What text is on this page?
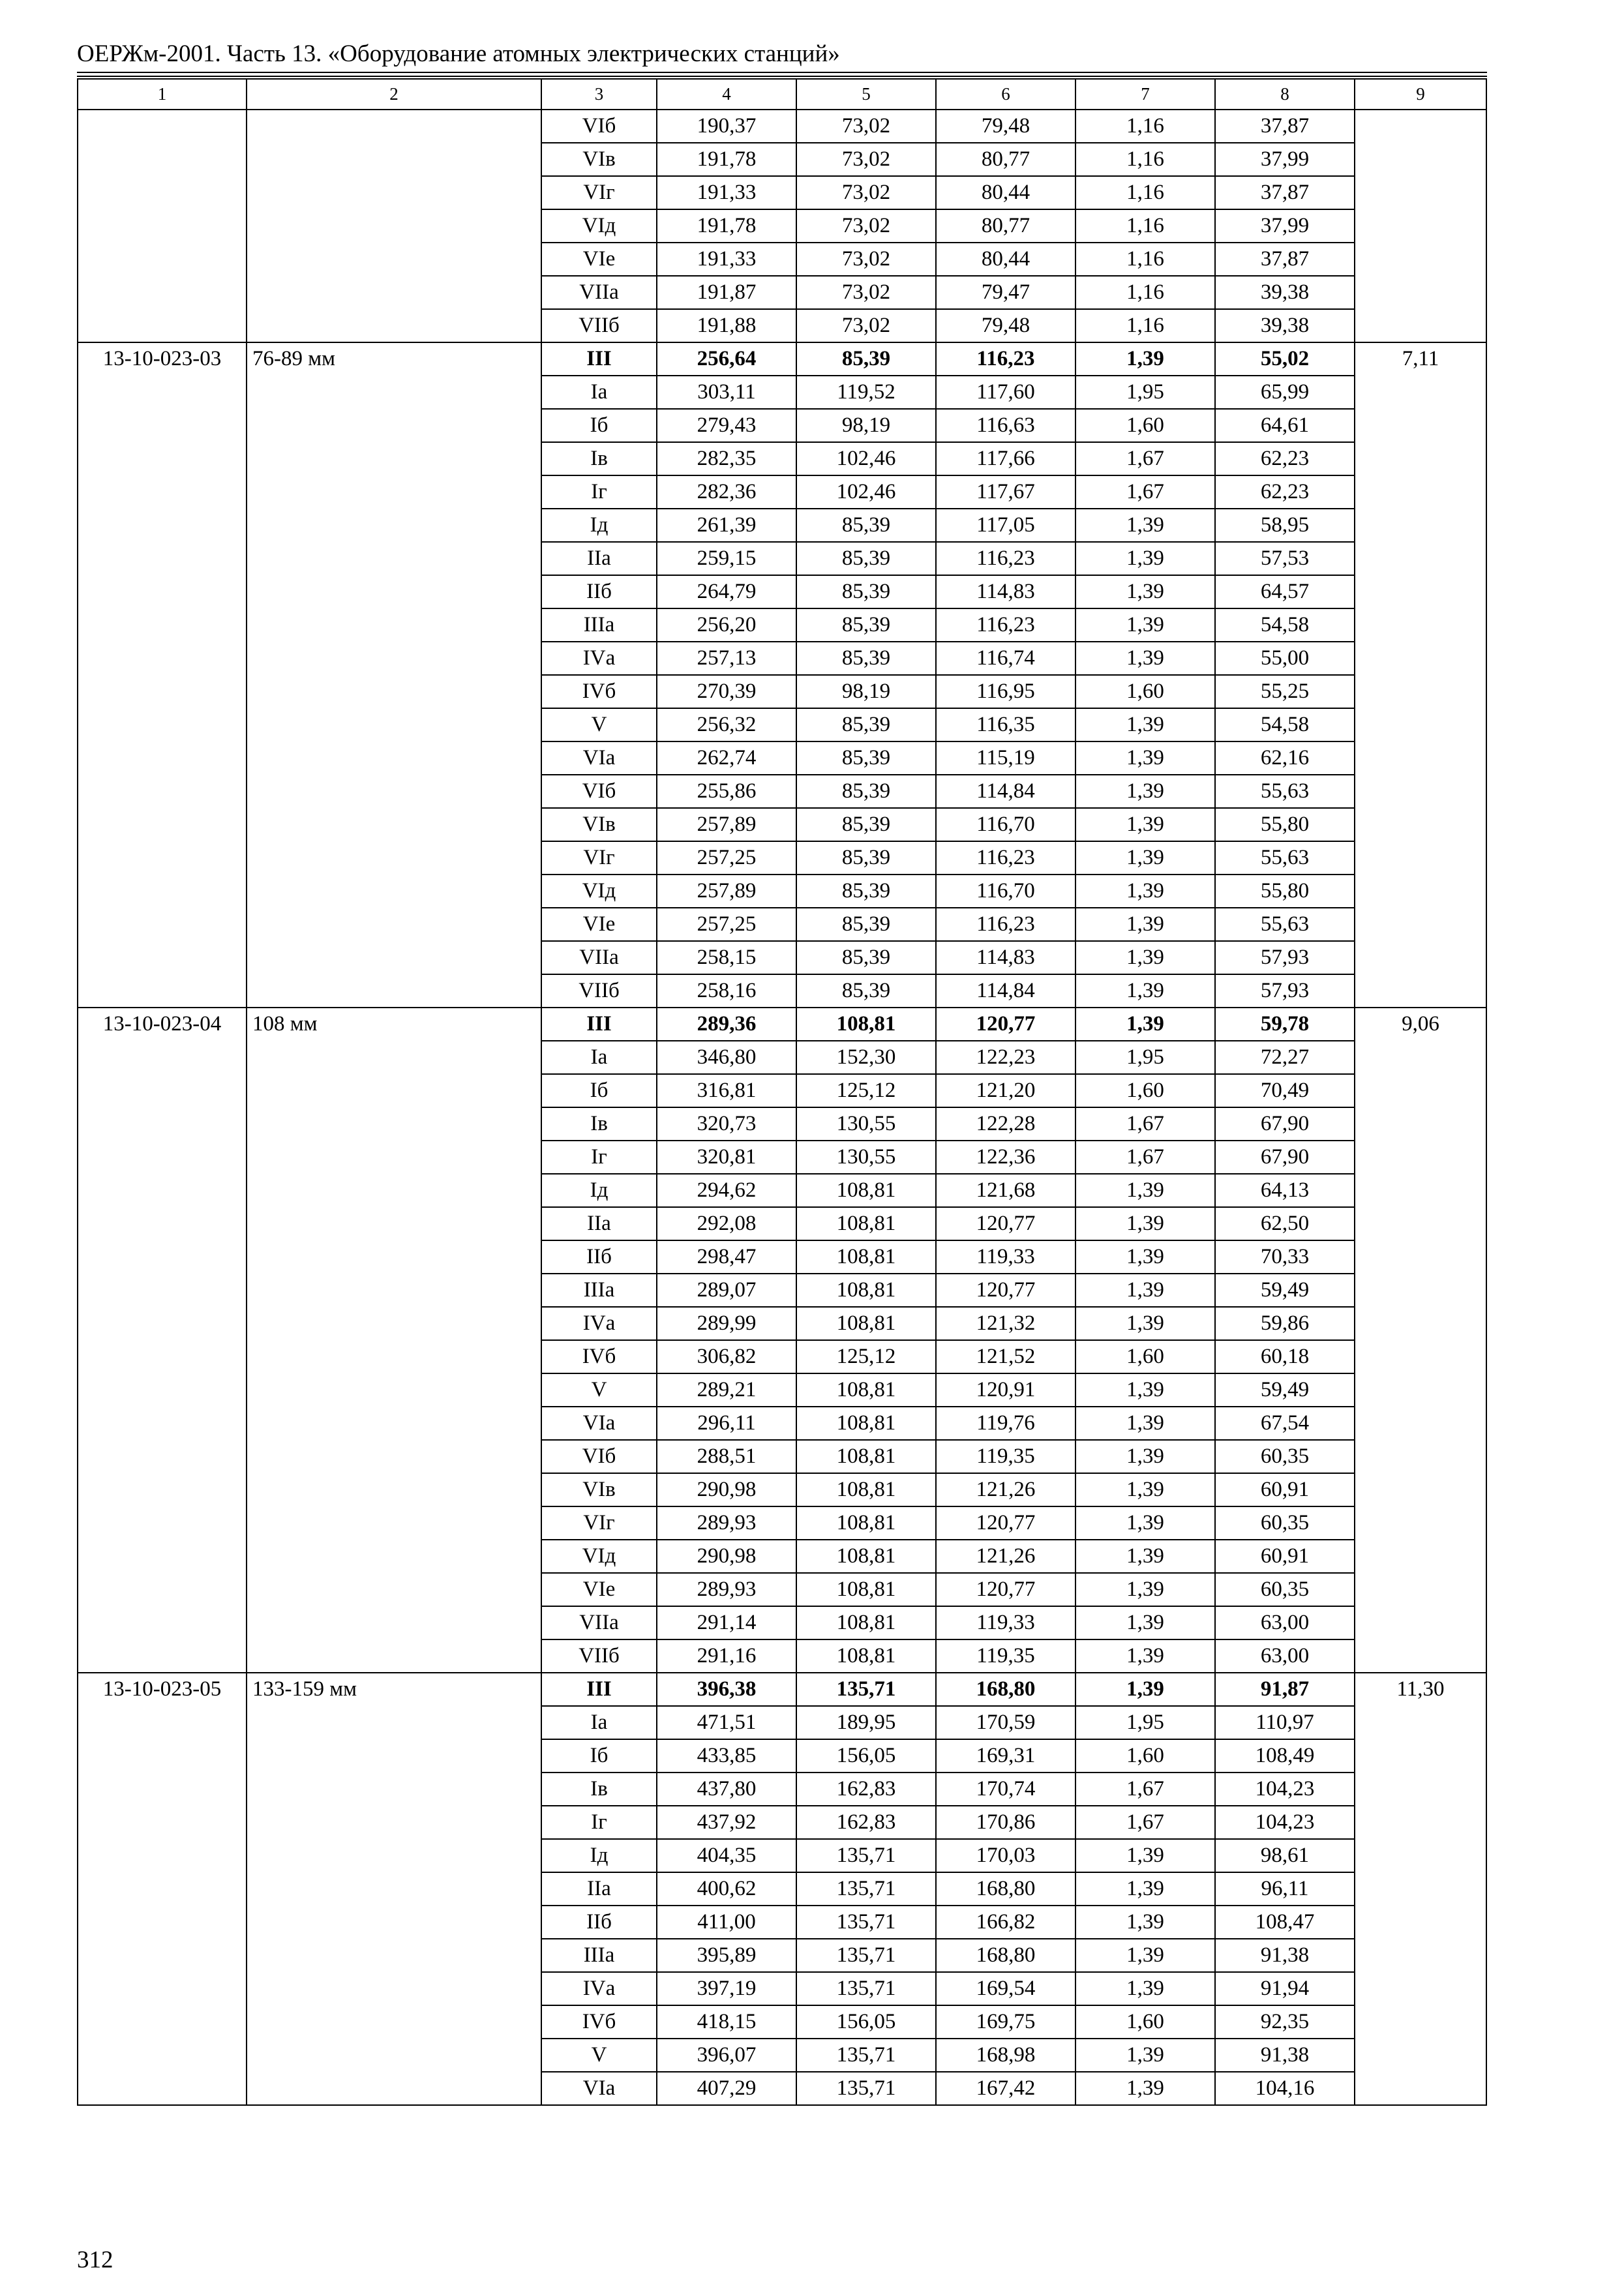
ОЕРЖм-2001. Часть 13. «Оборудование атомных электрических станций»
1	2	3	4	5	6	7	8	9
		VIб	190,37	73,02	79,48	1,16	37,87	
		VIв	191,78	73,02	80,77	1,16	37,99	
		VIг	191,33	73,02	80,44	1,16	37,87	
		VIд	191,78	73,02	80,77	1,16	37,99	
		VIе	191,33	73,02	80,44	1,16	37,87	
		VIIа	191,87	73,02	79,47	1,16	39,38	
		VIIб	191,88	73,02	79,48	1,16	39,38	
13-10-023-03	76-89 мм	III	256,64	85,39	116,23	1,39	55,02	7,11
		Iа	303,11	119,52	117,60	1,95	65,99	
		Iб	279,43	98,19	116,63	1,60	64,61	
		Iв	282,35	102,46	117,66	1,67	62,23	
		Iг	282,36	102,46	117,67	1,67	62,23	
		Iд	261,39	85,39	117,05	1,39	58,95	
		IIа	259,15	85,39	116,23	1,39	57,53	
		IIб	264,79	85,39	114,83	1,39	64,57	
		IIIа	256,20	85,39	116,23	1,39	54,58	
		IVа	257,13	85,39	116,74	1,39	55,00	
		IVб	270,39	98,19	116,95	1,60	55,25	
		V	256,32	85,39	116,35	1,39	54,58	
		VIа	262,74	85,39	115,19	1,39	62,16	
		VIб	255,86	85,39	114,84	1,39	55,63	
		VIв	257,89	85,39	116,70	1,39	55,80	
		VIг	257,25	85,39	116,23	1,39	55,63	
		VIд	257,89	85,39	116,70	1,39	55,80	
		VIе	257,25	85,39	116,23	1,39	55,63	
		VIIа	258,15	85,39	114,83	1,39	57,93	
		VIIб	258,16	85,39	114,84	1,39	57,93	
13-10-023-04	108 мм	III	289,36	108,81	120,77	1,39	59,78	9,06
		Iа	346,80	152,30	122,23	1,95	72,27	
		Iб	316,81	125,12	121,20	1,60	70,49	
		Iв	320,73	130,55	122,28	1,67	67,90	
		Iг	320,81	130,55	122,36	1,67	67,90	
		Iд	294,62	108,81	121,68	1,39	64,13	
		IIа	292,08	108,81	120,77	1,39	62,50	
		IIб	298,47	108,81	119,33	1,39	70,33	
		IIIа	289,07	108,81	120,77	1,39	59,49	
		IVа	289,99	108,81	121,32	1,39	59,86	
		IVб	306,82	125,12	121,52	1,60	60,18	
		V	289,21	108,81	120,91	1,39	59,49	
		VIа	296,11	108,81	119,76	1,39	67,54	
		VIб	288,51	108,81	119,35	1,39	60,35	
		VIв	290,98	108,81	121,26	1,39	60,91	
		VIг	289,93	108,81	120,77	1,39	60,35	
		VIд	290,98	108,81	121,26	1,39	60,91	
		VIе	289,93	108,81	120,77	1,39	60,35	
		VIIа	291,14	108,81	119,33	1,39	63,00	
		VIIб	291,16	108,81	119,35	1,39	63,00	
13-10-023-05	133-159 мм	III	396,38	135,71	168,80	1,39	91,87	11,30
		Iа	471,51	189,95	170,59	1,95	110,97	
		Iб	433,85	156,05	169,31	1,60	108,49	
		Iв	437,80	162,83	170,74	1,67	104,23	
		Iг	437,92	162,83	170,86	1,67	104,23	
		Iд	404,35	135,71	170,03	1,39	98,61	
		IIа	400,62	135,71	168,80	1,39	96,11	
		IIб	411,00	135,71	166,82	1,39	108,47	
		IIIа	395,89	135,71	168,80	1,39	91,38	
		IVа	397,19	135,71	169,54	1,39	91,94	
		IVб	418,15	156,05	169,75	1,60	92,35	
		V	396,07	135,71	168,98	1,39	91,38	
		VIа	407,29	135,71	167,42	1,39	104,16	
312
